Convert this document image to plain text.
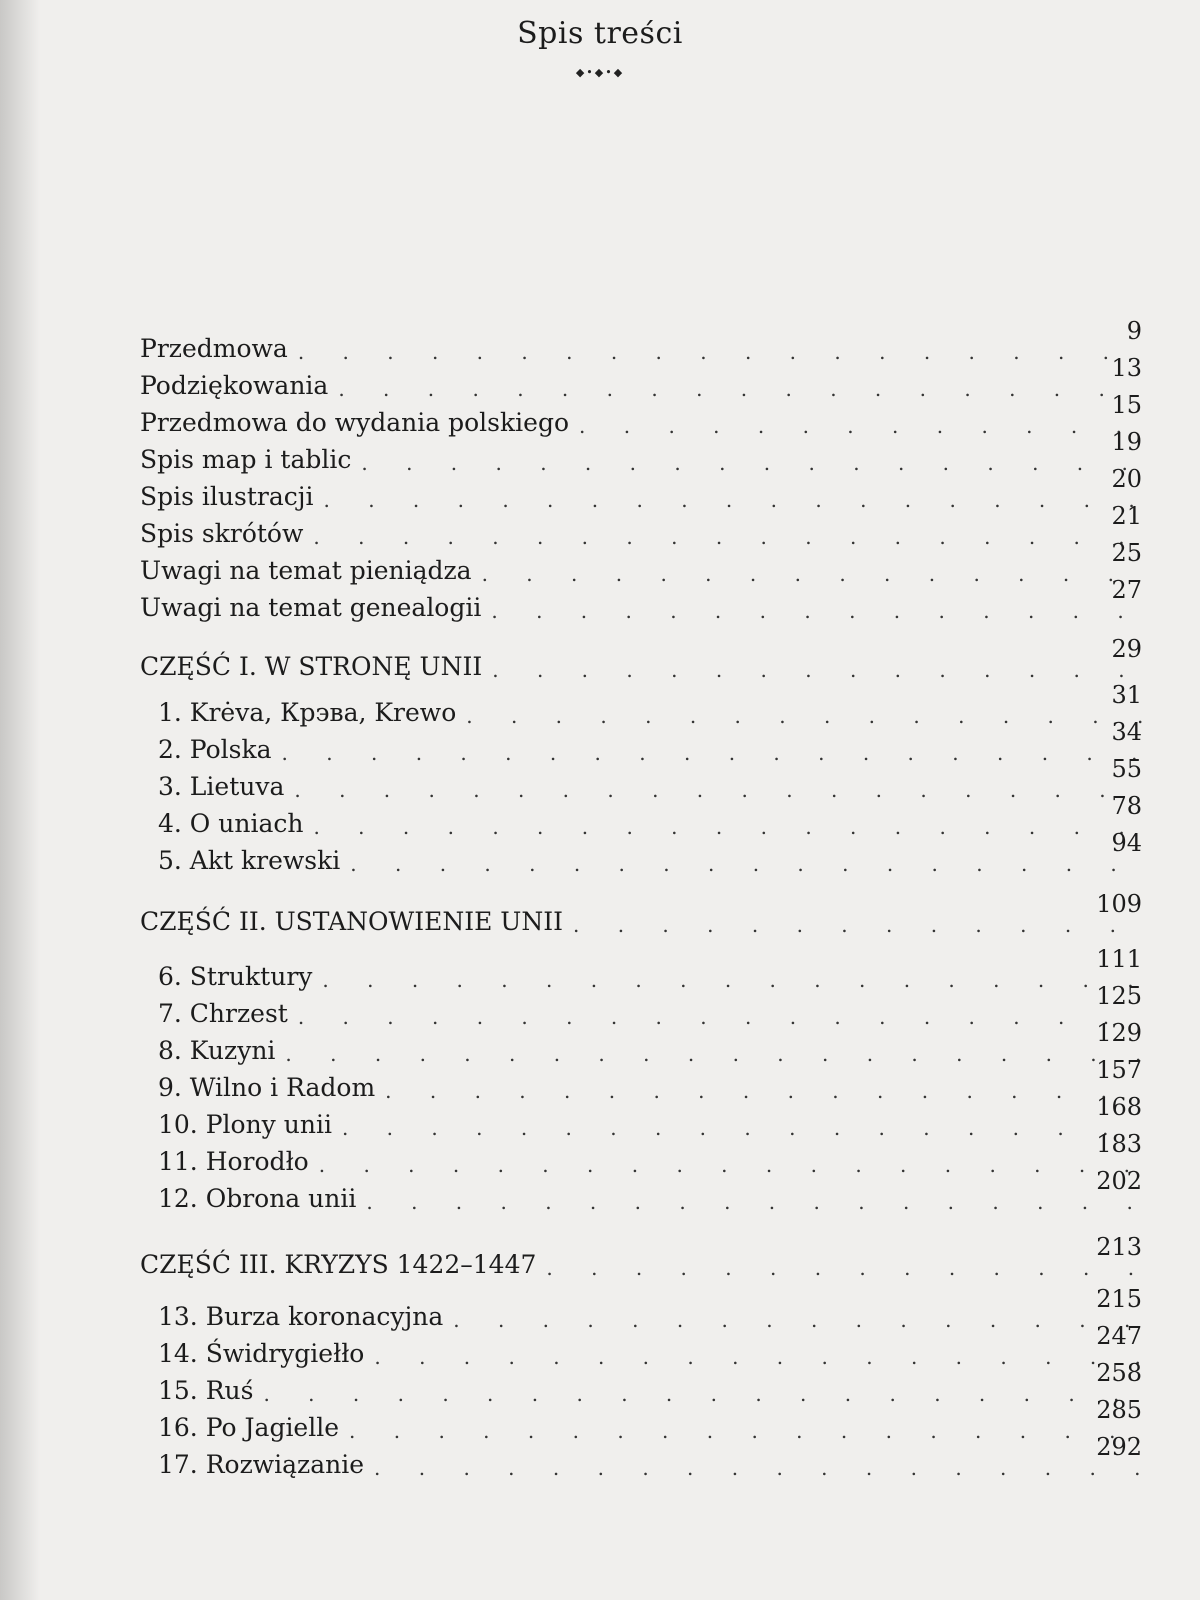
Spis treści
◆•◆•◆
Przedmowa
. . .
9
Podziękowania
. . .
13
Przedmowa do wydania polskiego
. . .
15
Spis map i tablic
. . .
19
Spis ilustracji
. . .
20
Spis skrótów
. . .
21
Uwagi na temat pieniądza
. . .
25
Uwagi na temat genealogii
. . .
27
CZĘŚĆ I. W STRONĘ UNII
. . .
29
1. Krėva, Крэва, Krewo
. . .
31
2. Polska
. . .
34
3. Lietuva
. . .
55
4. O uniach
. . .
78
5. Akt krewski
. . .
94
CZĘŚĆ II. USTANOWIENIE UNII
. . .
109
6. Struktury
. . .
111
7. Chrzest
. . .
125
8. Kuzyni
. . .
129
9. Wilno i Radom
. . .
157
10. Plony unii
. . .
168
11. Horodło
. . .
183
12. Obrona unii
. . .
202
CZĘŚĆ III. KRYZYS 1422–1447
. . .
213
13. Burza koronacyjna
. . .
215
14. Świdrygiełło
. . .
247
15. Ruś
. . .
258
16. Po Jagielle
. . .
285
17. Rozwiązanie
. . .
292
